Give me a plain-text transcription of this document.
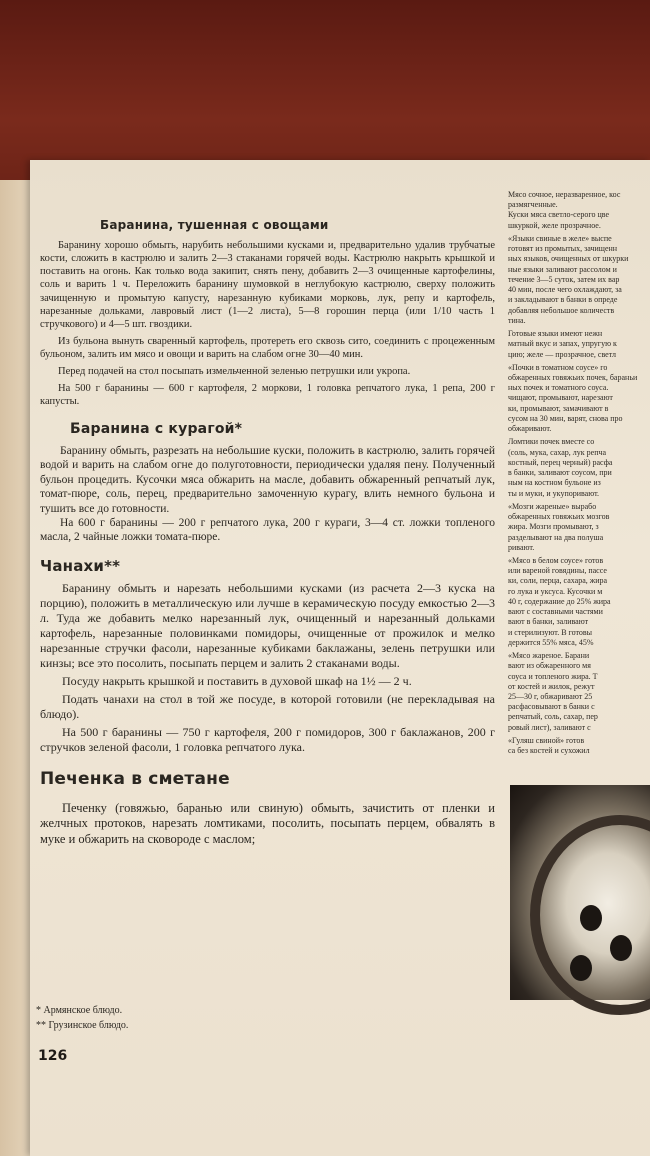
Баранина, тушенная с овощами

Баранину хорошо обмыть, нарубить небольшими кусками и, предварительно удалив трубчатые кости, сложить в кастрюлю и залить 2—3 стаканами горячей воды. Кастрюлю накрыть крышкой и поставить на огонь. Как только вода закипит, снять пену, добавить 2—3 очищенные картофелины, соль и варить 1 ч. Переложить баранину шумовкой в неглубокую кастрюлю, сверху положить зачищенную и промытую капусту, нарезанную кубиками морковь, лук, репу и картофель, нарезанные дольками, лавровый лист (1—2 листа), 5—8 горошин перца (или 1/10 часть 1 стручкового) и 4—5 шт. гвоздики.

Из бульона вынуть сваренный картофель, протереть его сквозь сито, соединить с процеженным бульоном, залить им мясо и овощи и варить на слабом огне 30—40 мин.

Перед подачей на стол посыпать измельченной зеленью петрушки или укропа.

На 500 г баранины — 600 г картофеля, 2 моркови, 1 головка репчатого лука, 1 репа, 200 г капусты.

Баранина с курагой*

Баранину обмыть, разрезать на небольшие куски, положить в кастрюлю, залить горячей водой и варить на слабом огне до полуготовности, периодически удаляя пену. Полученный бульон процедить. Кусочки мяса обжарить на масле, добавить обжаренный репчатый лук, томат-пюре, соль, перец, предварительно замоченную курагу, влить немного бульона и тушить все до готовности.

На 600 г баранины — 200 г репчатого лука, 200 г кураги, 3—4 ст. ложки топленого масла, 2 чайные ложки томата-пюре.

Чанахи**

Баранину обмыть и нарезать небольшими кусками (из расчета 2—3 куска на порцию), положить в металлическую или лучше в керамическую посуду емкостью 2—3 л. Туда же добавить мелко нарезанный лук, очищенный и нарезанный дольками картофель, нарезанные половинками помидоры, очищенные от прожилок и мелко нарезанные стручки фасоли, нарезанные кубиками баклажаны, зелень петрушки или кинзы; все это посолить, посыпать перцем и залить 2 стаканами воды.

Посуду накрыть крышкой и поставить в духовой шкаф на 1½ — 2 ч.

Подать чанахи на стол в той же посуде, в которой готовили (не перекладывая на блюдо).

На 500 г баранины — 750 г картофеля, 200 г помидоров, 300 г баклажанов, 200 г стручков зеленой фасоли, 1 головка репчатого лука.

Печенка в сметане

Печенку (говяжью, баранью или свиную) обмыть, зачистить от пленки и желчных протоков, нарезать ломтиками, посолить, посыпать перцем, обвалять в муке и обжарить на сковороде с маслом;

* Армянское блюдо.
** Грузинское блюдо.
126

Мясо сочное, неразваренное, кос

размягченные.

Куски мяса светло-серого цве

шкуркой, желе прозрачное.

«Языки свиные в желе» выспе

готовят из промытых, зачищенн

ных языков, очищенных от шкурки

ные языки заливают рассолом и

течение 3—5 суток, затем их вар

40 мин, после чего охлаждают, за

и закладывают в банки в опреде

добавляя небольшое количеств

тина.

Готовые языки имеют нежн

матный вкус и запах, упругую к

цию; желе — прозрачное, светл

«Почки в томатном соусе» го

обжаренных говяжьих почек, бараньи

ных почек и томатного соуса.

чищают, промывают, нарезают

ки, промывают, замачивают в

сусом на 30 мин, варят, снова про

обжаривают.

Ломтики почек вместе со

(соль, мука, сахар, лук репча

костный, перец черный) расфа

в банки, заливают соусом, при

ным на костном бульоне из

ты и муки, и укупоривают.

«Мозги жареные» вырабо

обжаренных говяжьих мозгов

жира. Мозги промывают, з

разделывают на два полуша

ривают.

«Мясо в белом соусе» готов

или вареной говядины, пассе

ки, соли, перца, сахара, жира

го лука и уксуса. Кусочки м

40 г, содержание до 25% жира

вают с составными частями

вают в банки, заливают

и стерилизуют. В готовы

держится 55% мяса, 45%

«Мясо жареное. Барани

вают из обжаренного мя

соуса и топленого жира. Т

от костей и жилок, режут

25—30 г, обжаривают 25

расфасовывают в банки с

репчатый, соль, сахар, пер

ровый лист), заливают с

«Гуляш свиной» готов

са без костей и сухожил
